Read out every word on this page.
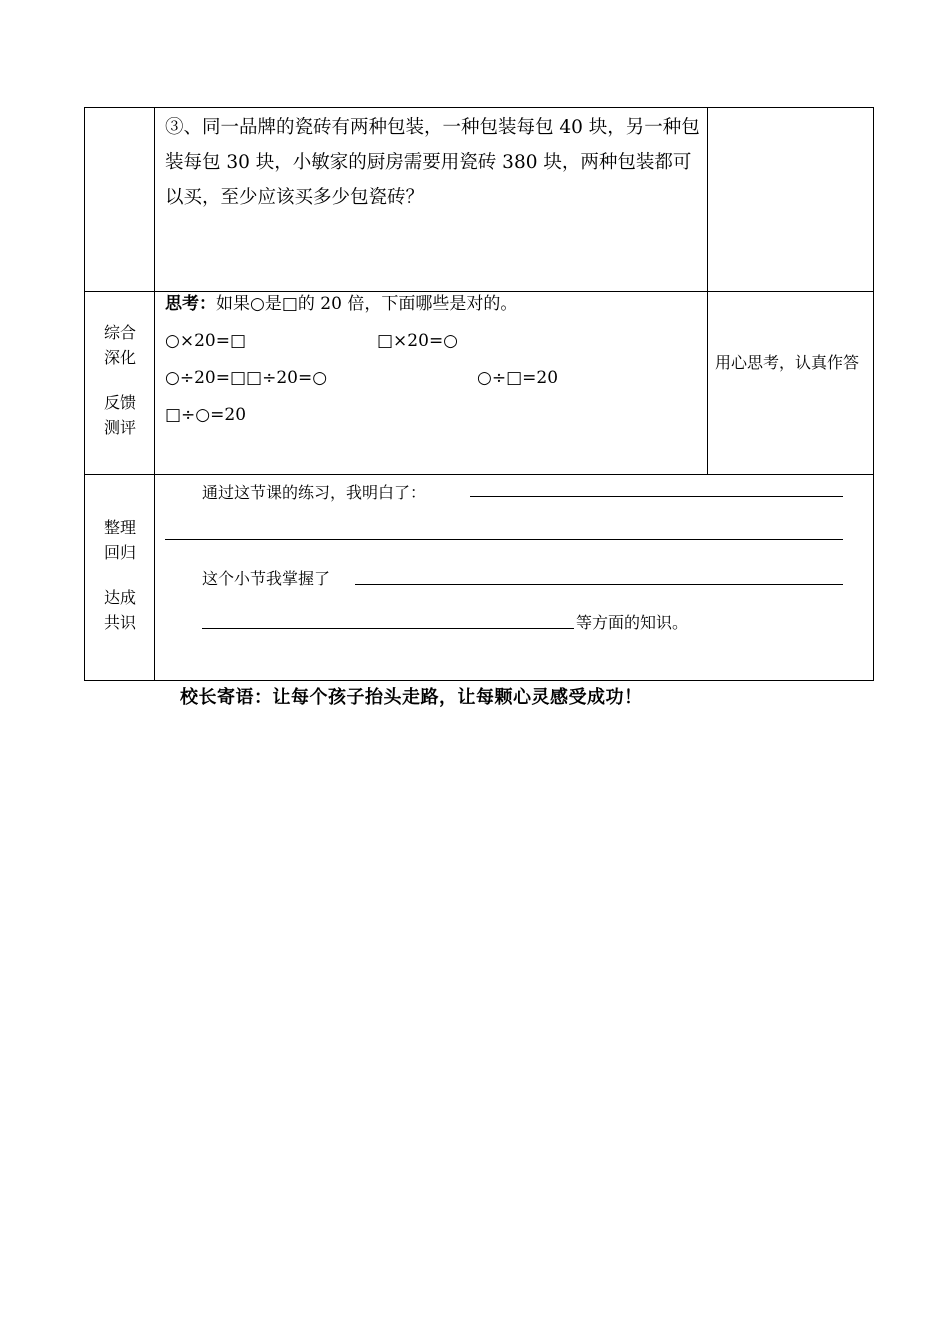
③、同一品牌的瓷砖有两种包装，一种包装每包 40 块，另一种包装每包 30 块，小敏家的厨房需要用瓷砖 380 块，两种包装都可以买，至少应该买多少包瓷砖？
综合
深化
反馈
测评
思考：如果○是□的 20 倍，下面哪些是对的。
○×20=□	□×20=○
○÷20=□□÷20=○	○÷□=20
□÷○=20
用心思考，认真作答
整理
回归
达成
共识
通过这节课的练习，我明白了：
这个小节我掌握了
等方面的知识。
校长寄语：让每个孩子抬头走路，让每颗心灵感受成功！
